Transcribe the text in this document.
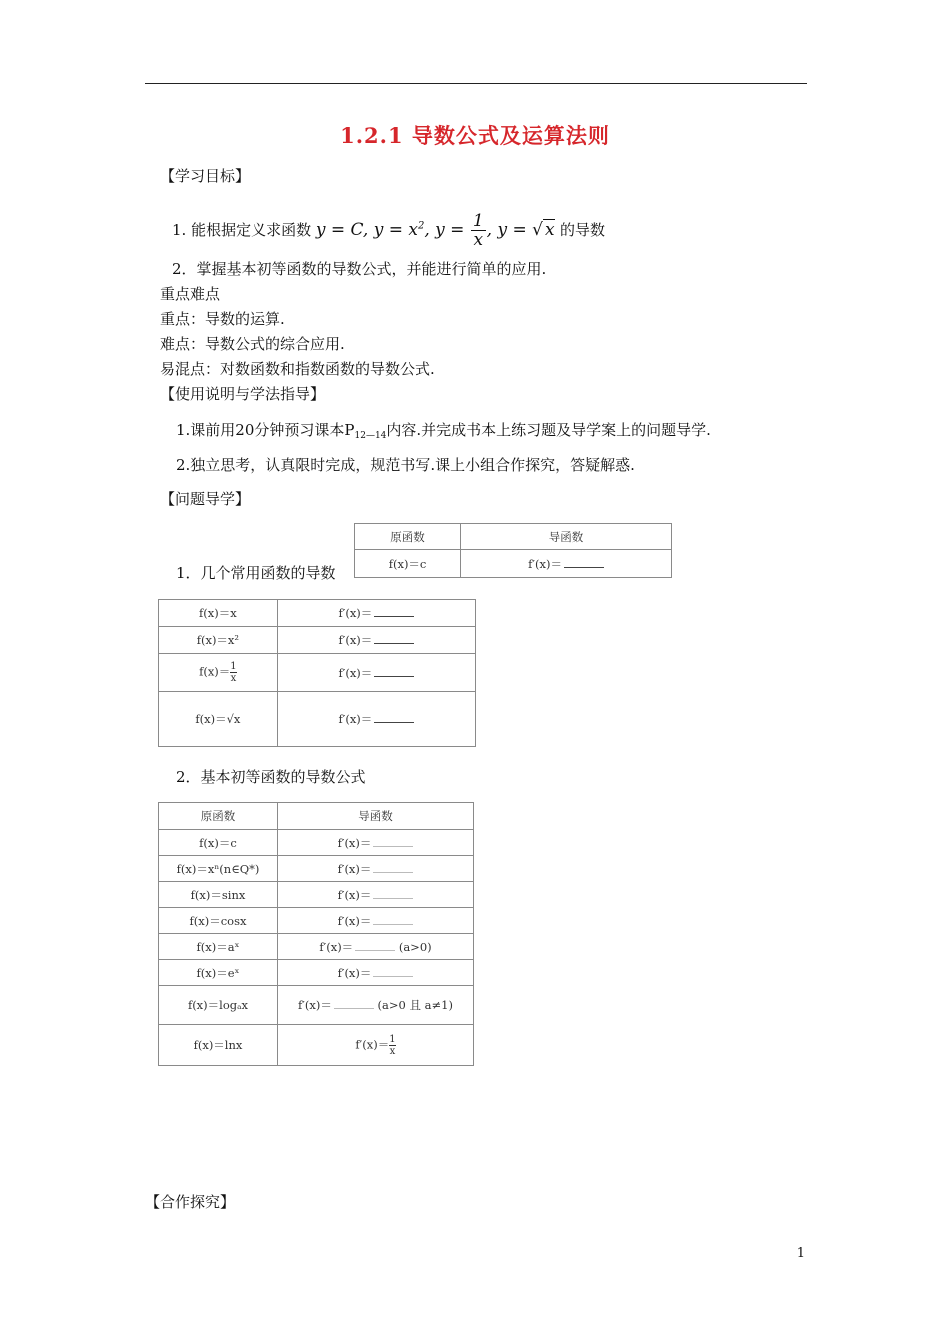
1.2.1 导数公式及运算法则
【学习目标】
1. 能根据定义求函数 y = C, $y = x^2$, $y = \frac{1}{x}$ , y = √ x 的导数
2．掌握基本初等函数的导数公式，并能进行简单的应用.
重点难点
重点：导数的运算.
难点：导数公式的综合应用.
易混点：对数函数和指数函数的导数公式.
【使用说明与学法指导】
1.课前用20分钟预习课本$P_{12—14}$内容.并完成书本上练习题及导学案上的问题导学.
2.独立思考，认真限时完成，规范书写.课上小组合作探究，答疑解惑.
【问题导学】
1．几个常用函数的导数
原函数	导函数
f(x)＝c	f′(x)＝
f(x)＝x	f′(x)＝
f(x)＝x²	f′(x)＝
$f(x)= \frac{1}{x}$	f′(x)＝
f(x)＝√x	f′(x)＝
2．基本初等函数的导数公式
原函数	导函数
f(x)＝c	f′(x)＝
f(x)＝xⁿ(n∈Q*)	f′(x)＝
f(x)＝sinx	f′(x)＝
f(x)＝cosx	f′(x)＝
f(x)＝aˣ	f′(x)＝ (a>0)
f(x)＝eˣ	f′(x)＝
f(x)＝logₐx	f′(x)＝ (a>0 且 a≠1)
f(x)＝lnx	$f'(x)= \frac{1}{x}$
【合作探究】
1
